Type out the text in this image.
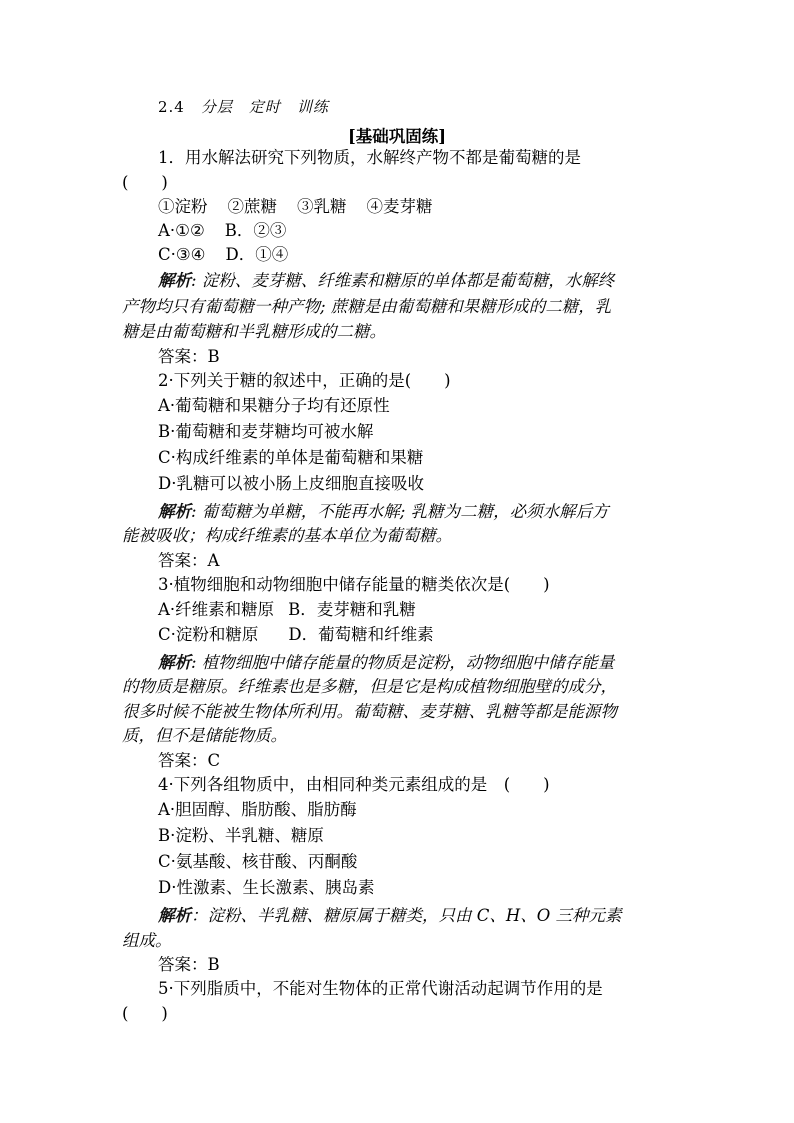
2.4 分层 定时 训练
[基础巩固练]
1．用水解法研究下列物质，水解终产物不都是葡萄糖的是
(　　)
①淀粉 ②蔗糖 ③乳糖 ④麦芽糖
A·①② B．②③
C·③④ D．①④
解析: 淀粉、麦芽糖、纤维素和糖原的单体都是葡萄糖，水解终
产物均只有葡萄糖一种产物; 蔗糖是由葡萄糖和果糖形成的二糖，乳
糖是由葡萄糖和半乳糖形成的二糖。
答案：B
2·下列关于糖的叙述中，正确的是(　　)
A·葡萄糖和果糖分子均有还原性
B·葡萄糖和麦芽糖均可被水解
C·构成纤维素的单体是葡萄糖和果糖
D·乳糖可以被小肠上皮细胞直接吸收
解析: 葡萄糖为单糖，不能再水解; 乳糖为二糖，必须水解后方
能被吸收；构成纤维素的基本单位为葡萄糖。
答案：A
3·植物细胞和动物细胞中储存能量的糖类依次是(　　)
A·纤维素和糖原 B．麦芽糖和乳糖
C·淀粉和糖原 D．葡萄糖和纤维素
解析: 植物细胞中储存能量的物质是淀粉，动物细胞中储存能量
的物质是糖原。纤维素也是多糖，但是它是构成植物细胞壁的成分，
很多时候不能被生物体所利用。葡萄糖、麦芽糖、乳糖等都是能源物
质，但不是储能物质。
答案：C
4·下列各组物质中，由相同种类元素组成的是　(　　)
A·胆固醇、脂肪酸、脂肪酶
B·淀粉、半乳糖、糖原
C·氨基酸、核苷酸、丙酮酸
D·性激素、生长激素、胰岛素
解析：淀粉、半乳糖、糖原属于糖类，只由 C、H、O 三种元素
组成。
答案：B
5·下列脂质中，不能对生物体的正常代谢活动起调节作用的是
(　　)
